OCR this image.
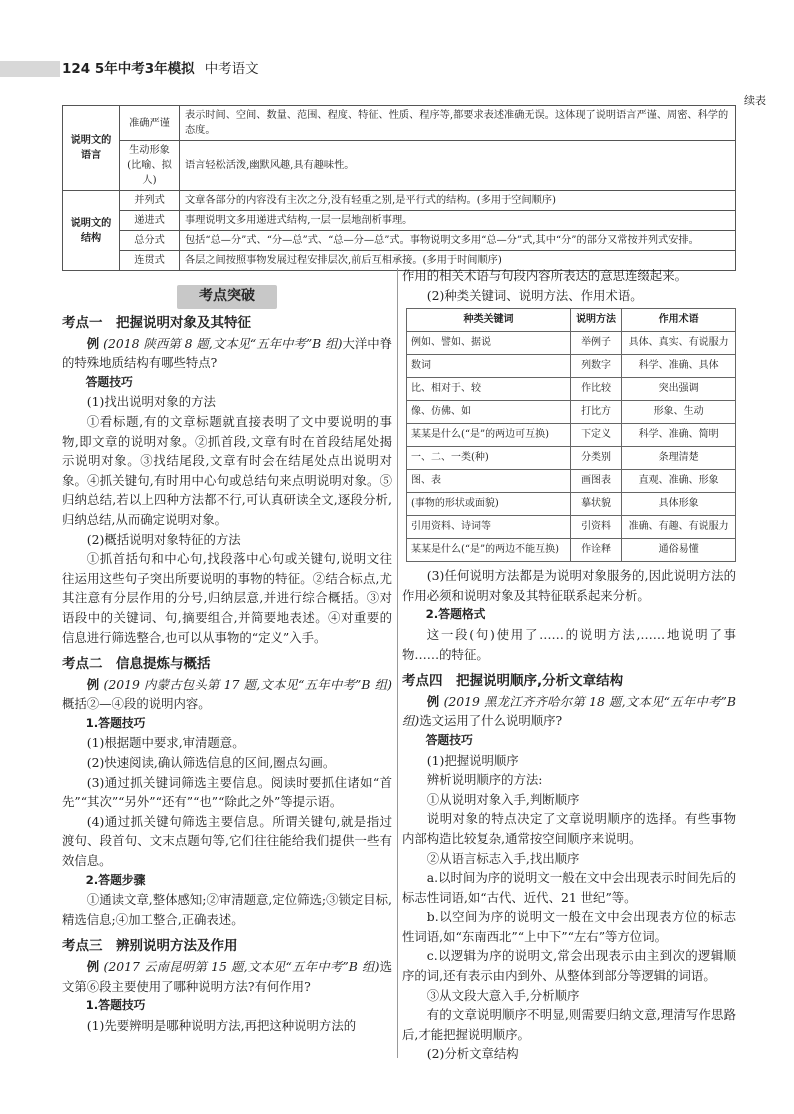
124 5年中考3年模拟 中考语文
续表
说明文的语言	准确严谨	表示时间、空间、数量、范围、程度、特征、性质、程序等,都要求表述准确无误。这体现了说明语言严谨、周密、科学的态度。
	生动形象(比喻、拟人)	语言轻松活泼,幽默风趣,具有趣味性。
说明文的结构	并列式	文章各部分的内容没有主次之分,没有轻重之别,是平行式的结构。(多用于空间顺序)
	递进式	事理说明文多用递进式结构,一层一层地剖析事理。
	总分式	包括“总—分”式、“分—总”式、“总—分—总”式。事物说明文多用“总—分”式,其中“分”的部分又常按并列式安排。
	连贯式	各层之间按照事物发展过程安排层次,前后互相承接。(多用于时间顺序)
考点突破

考点一　把握说明对象及其特征

例 (2018 陕西第 8 题,文本见“五年中考”B 组)大洋中脊的特殊地质结构有哪些特点?

答题技巧

(1)找出说明对象的方法

①看标题,有的文章标题就直接表明了文中要说明的事物,即文章的说明对象。②抓首段,文章有时在首段结尾处揭示说明对象。③找结尾段,文章有时会在结尾处点出说明对象。④抓关键句,有时用中心句或总结句来点明说明对象。⑤归纳总结,若以上四种方法都不行,可认真研读全文,逐段分析,归纳总结,从而确定说明对象。

(2)概括说明对象特征的方法

①抓首括句和中心句,找段落中心句或关键句,说明文往往运用这些句子突出所要说明的事物的特征。②结合标点,尤其注意有分层作用的分号,归纳层意,并进行综合概括。③对语段中的关键词、句,摘要组合,并简要地表述。④对重要的信息进行筛选整合,也可以从事物的“定义”入手。

考点二　信息提炼与概括

例 (2019 内蒙古包头第 17 题,文本见“五年中考”B 组)概括②—④段的说明内容。

1.答题技巧

(1)根据题中要求,审清题意。

(2)快速阅读,确认筛选信息的区间,圈点勾画。

(3)通过抓关键词筛选主要信息。阅读时要抓住诸如“首先”“其次”“另外”“还有”“也”“除此之外”等提示语。

(4)通过抓关键句筛选主要信息。所谓关键句,就是指过渡句、段首句、文末点题句等,它们往往能给我们提供一些有效信息。

2.答题步骤

①通读文章,整体感知;②审清题意,定位筛选;③锁定目标,精选信息;④加工整合,正确表述。

考点三　辨别说明方法及作用

例 (2017 云南昆明第 15 题,文本见“五年中考”B 组)选文第⑥段主要使用了哪种说明方法?有何作用?

1.答题技巧

(1)先要辨明是哪种说明方法,再把这种说明方法的

作用的相关术语与句段内容所表达的意思连缀起来。

(2)种类关键词、说明方法、作用术语。

种类关键词	说明方法	作用术语
例如、譬如、据说	举例子	具体、真实、有说服力
数词	列数字	科学、准确、具体
比、相对于、较	作比较	突出强调
像、仿佛、如	打比方	形象、生动
某某是什么(“是”的两边可互换)	下定义	科学、准确、简明
一、二、一类(种)	分类别	条理清楚
图、表	画图表	直观、准确、形象
(事物的形状或面貌)	摹状貌	具体形象
引用资料、诗词等	引资料	准确、有趣、有说服力
某某是什么(“是”的两边不能互换)	作诠释	通俗易懂

(3)任何说明方法都是为说明对象服务的,因此说明方法的作用必须和说明对象及其特征联系起来分析。

2.答题格式

这一段(句)使用了……的说明方法,……地说明了事物……的特征。

考点四　把握说明顺序,分析文章结构

例 (2019 黑龙江齐齐哈尔第 18 题,文本见“五年中考”B 组)选文运用了什么说明顺序?

答题技巧

(1)把握说明顺序

辨析说明顺序的方法:

①从说明对象入手,判断顺序

说明对象的特点决定了文章说明顺序的选择。有些事物内部构造比较复杂,通常按空间顺序来说明。

②从语言标志入手,找出顺序

a.以时间为序的说明文一般在文中会出现表示时间先后的标志性词语,如“古代、近代、21 世纪”等。

b.以空间为序的说明文一般在文中会出现表方位的标志性词语,如“东南西北”“上中下”“左右”等方位词。

c.以逻辑为序的说明文,常会出现表示由主到次的逻辑顺序的词,还有表示由内到外、从整体到部分等逻辑的词语。

③从文段大意入手,分析顺序

有的文章说明顺序不明显,则需要归纳文意,理清写作思路后,才能把握说明顺序。

(2)分析文章结构
